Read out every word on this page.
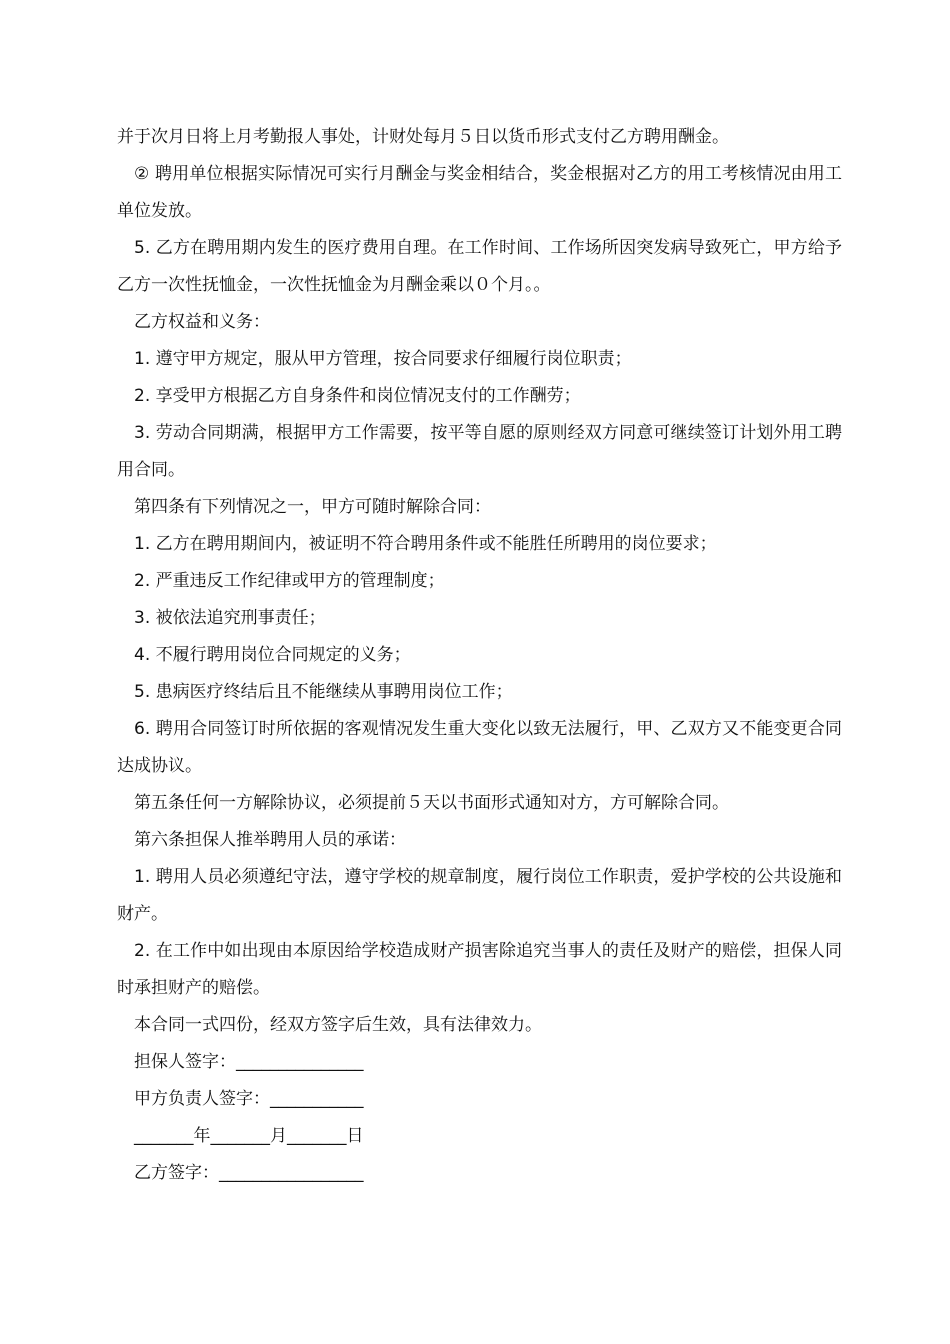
并于次月日将上月考勤报人事处，计财处每月５日以货币形式支付乙方聘用酬金。

② 聘用单位根据实际情况可实行月酬金与奖金相结合，奖金根据对乙方的用工考核情况由用工单位发放。

5. 乙方在聘用期内发生的医疗费用自理。在工作时间、工作场所因突发病导致死亡，甲方给予乙方一次性抚恤金，一次性抚恤金为月酬金乘以０个月。。

乙方权益和义务：

1. 遵守甲方规定，服从甲方管理，按合同要求仔细履行岗位职责；

2. 享受甲方根据乙方自身条件和岗位情况支付的工作酬劳；

3. 劳动合同期满，根据甲方工作需要，按平等自愿的原则经双方同意可继续签订计划外用工聘用合同。

第四条有下列情况之一，甲方可随时解除合同：

1. 乙方在聘用期间内，被证明不符合聘用条件或不能胜任所聘用的岗位要求；

2. 严重违反工作纪律或甲方的管理制度；

3. 被依法追究刑事责任；

4. 不履行聘用岗位合同规定的义务；

5. 患病医疗终结后且不能继续从事聘用岗位工作；

6. 聘用合同签订时所依据的客观情况发生重大变化以致无法履行，甲、乙双方又不能变更合同达成协议。

第五条任何一方解除协议，必须提前５天以书面形式通知对方，方可解除合同。

第六条担保人推举聘用人员的承诺：

1. 聘用人员必须遵纪守法，遵守学校的规章制度，履行岗位工作职责，爱护学校的公共设施和财产。

2. 在工作中如出现由本原因给学校造成财产损害除追究当事人的责任及财产的赔偿，担保人同时承担财产的赔偿。

本合同一式四份，经双方签字后生效，具有法律效力。

担保人签字：_______________

甲方负责人签字：___________

_______年_______月_______日

乙方签字：_________________
